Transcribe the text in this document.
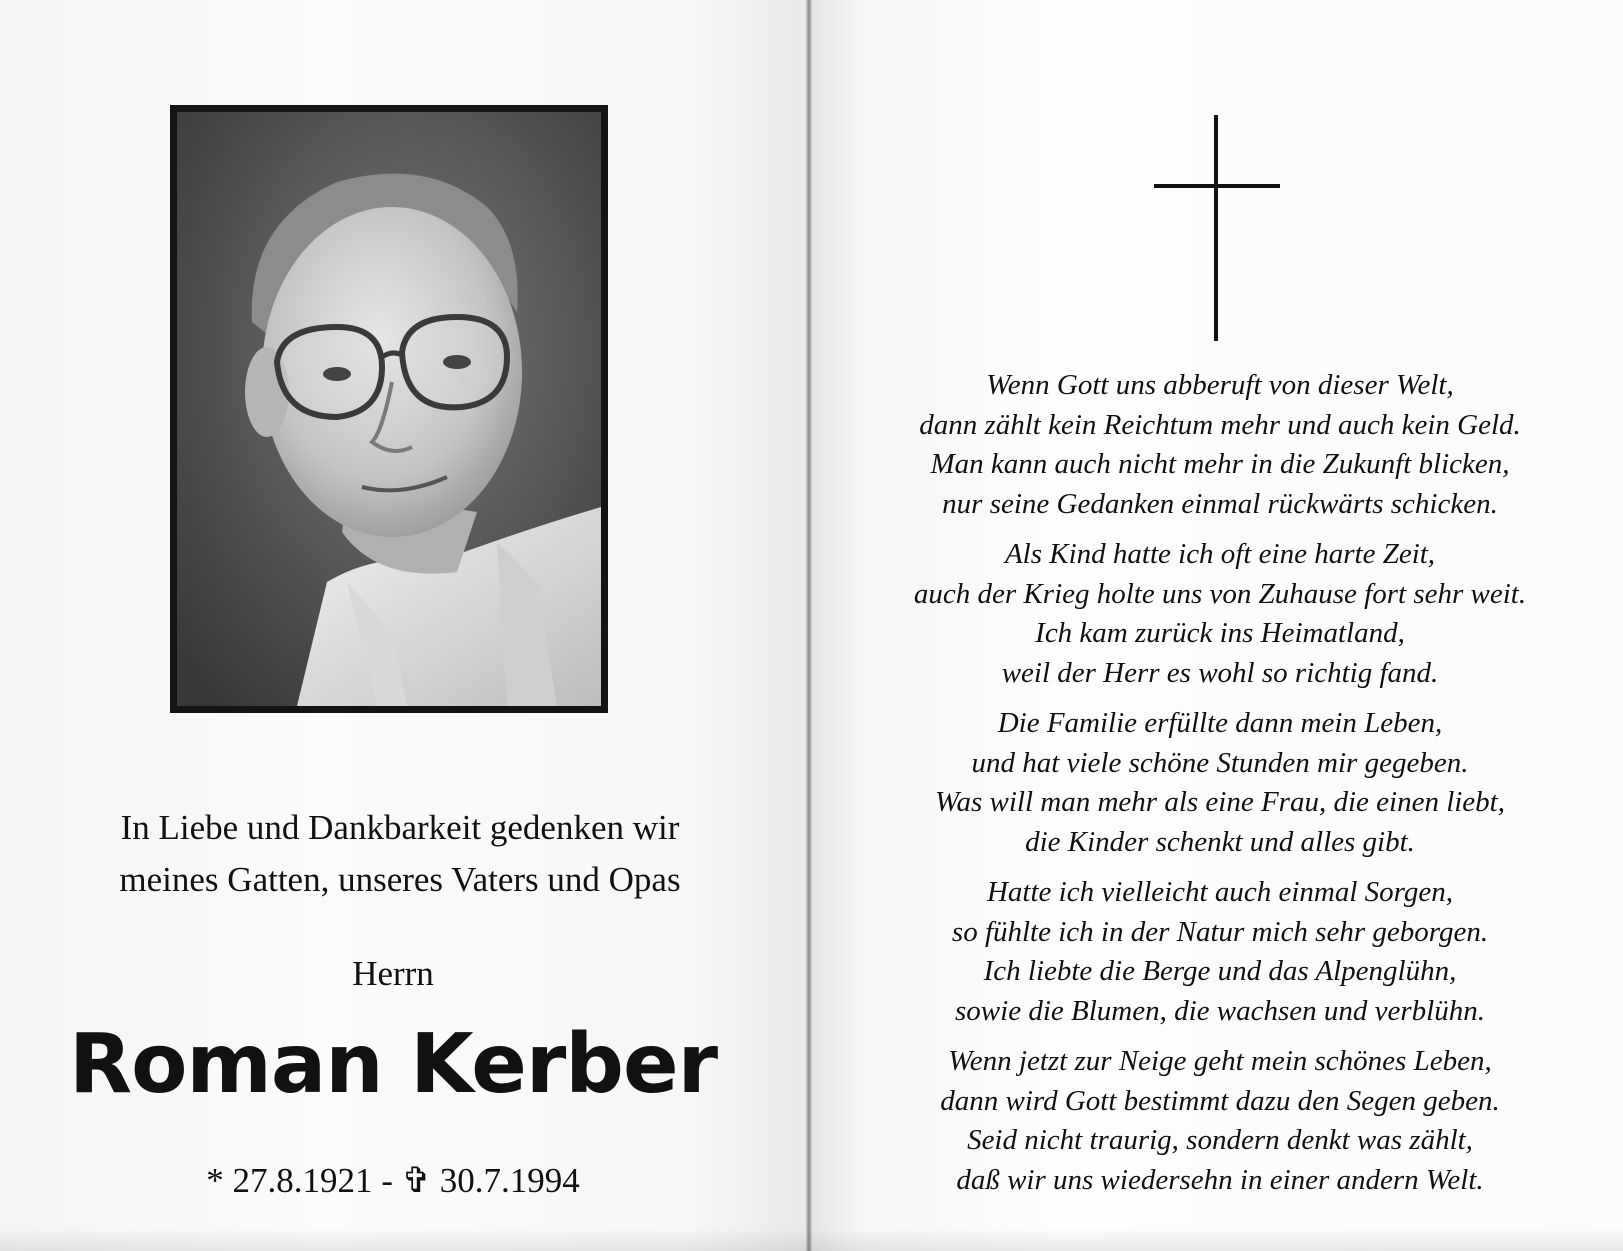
In Liebe und Dankbarkeit gedenken wir
meines Gatten, unseres Vaters und Opas
Herrn
Roman Kerber
* 27.8.1921 - ✞ 30.7.1994
Wenn Gott uns abberuft von dieser Welt,
dann zählt kein Reichtum mehr und auch kein Geld.
Man kann auch nicht mehr in die Zukunft blicken,
nur seine Gedanken einmal rückwärts schicken.
Als Kind hatte ich oft eine harte Zeit,
auch der Krieg holte uns von Zuhause fort sehr weit.
Ich kam zurück ins Heimatland,
weil der Herr es wohl so richtig fand.
Die Familie erfüllte dann mein Leben,
und hat viele schöne Stunden mir gegeben.
Was will man mehr als eine Frau, die einen liebt,
die Kinder schenkt und alles gibt.
Hatte ich vielleicht auch einmal Sorgen,
so fühlte ich in der Natur mich sehr geborgen.
Ich liebte die Berge und das Alpenglühn,
sowie die Blumen, die wachsen und verblühn.
Wenn jetzt zur Neige geht mein schönes Leben,
dann wird Gott bestimmt dazu den Segen geben.
Seid nicht traurig, sondern denkt was zählt,
daß wir uns wiedersehn in einer andern Welt.
